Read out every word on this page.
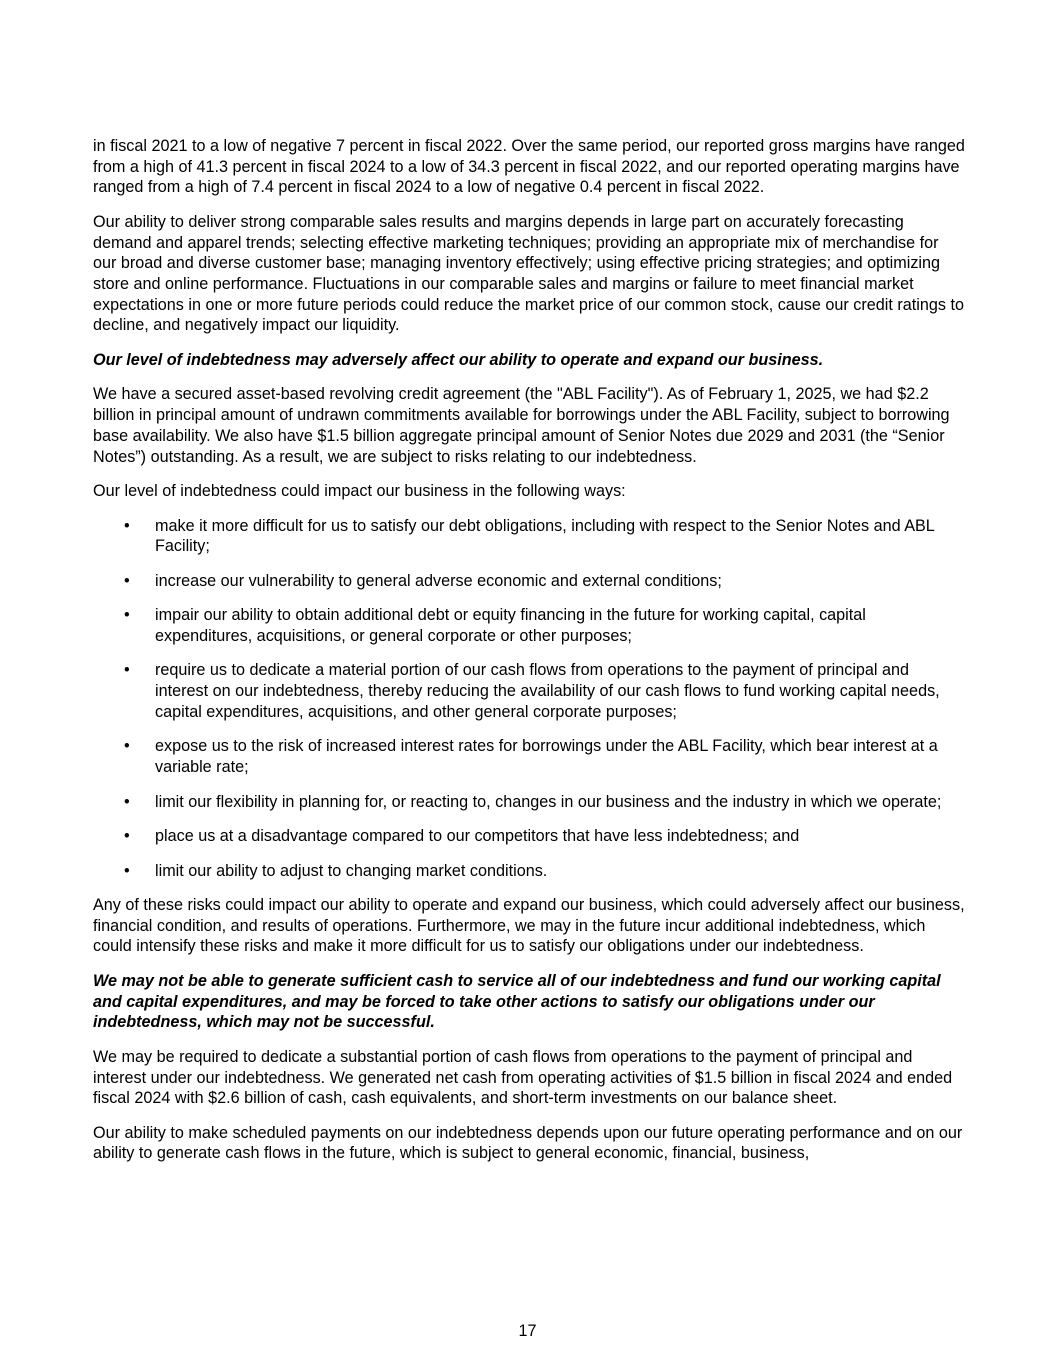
in fiscal 2021 to a low of negative 7 percent in fiscal 2022. Over the same period, our reported gross margins have ranged from a high of 41.3 percent in fiscal 2024 to a low of 34.3 percent in fiscal 2022, and our reported operating margins have ranged from a high of 7.4 percent in fiscal 2024 to a low of negative 0.4 percent in fiscal 2022.

Our ability to deliver strong comparable sales results and margins depends in large part on accurately forecasting demand and apparel trends; selecting effective marketing techniques; providing an appropriate mix of merchandise for our broad and diverse customer base; managing inventory effectively; using effective pricing strategies; and optimizing store and online performance. Fluctuations in our comparable sales and margins or failure to meet financial market expectations in one or more future periods could reduce the market price of our common stock, cause our credit ratings to decline, and negatively impact our liquidity.

Our level of indebtedness may adversely affect our ability to operate and expand our business.

We have a secured asset-based revolving credit agreement (the "ABL Facility"). As of February 1, 2025, we had $2.2 billion in principal amount of undrawn commitments available for borrowings under the ABL Facility, subject to borrowing base availability. We also have $1.5 billion aggregate principal amount of Senior Notes due 2029 and 2031 (the “Senior Notes”) outstanding. As a result, we are subject to risks relating to our indebtedness.

Our level of indebtedness could impact our business in the following ways:

• make it more difficult for us to satisfy our debt obligations, including with respect to the Senior Notes and ABL Facility;
• increase our vulnerability to general adverse economic and external conditions;
• impair our ability to obtain additional debt or equity financing in the future for working capital, capital expenditures, acquisitions, or general corporate or other purposes;
• require us to dedicate a material portion of our cash flows from operations to the payment of principal and interest on our indebtedness, thereby reducing the availability of our cash flows to fund working capital needs, capital expenditures, acquisitions, and other general corporate purposes;
• expose us to the risk of increased interest rates for borrowings under the ABL Facility, which bear interest at a variable rate;
• limit our flexibility in planning for, or reacting to, changes in our business and the industry in which we operate;
• place us at a disadvantage compared to our competitors that have less indebtedness; and
• limit our ability to adjust to changing market conditions.

Any of these risks could impact our ability to operate and expand our business, which could adversely affect our business, financial condition, and results of operations. Furthermore, we may in the future incur additional indebtedness, which could intensify these risks and make it more difficult for us to satisfy our obligations under our indebtedness.

We may not be able to generate sufficient cash to service all of our indebtedness and fund our working capital and capital expenditures, and may be forced to take other actions to satisfy our obligations under our indebtedness, which may not be successful.

We may be required to dedicate a substantial portion of cash flows from operations to the payment of principal and interest under our indebtedness. We generated net cash from operating activities of $1.5 billion in fiscal 2024 and ended fiscal 2024 with $2.6 billion of cash, cash equivalents, and short-term investments on our balance sheet.

Our ability to make scheduled payments on our indebtedness depends upon our future operating performance and on our ability to generate cash flows in the future, which is subject to general economic, financial, business,

17
